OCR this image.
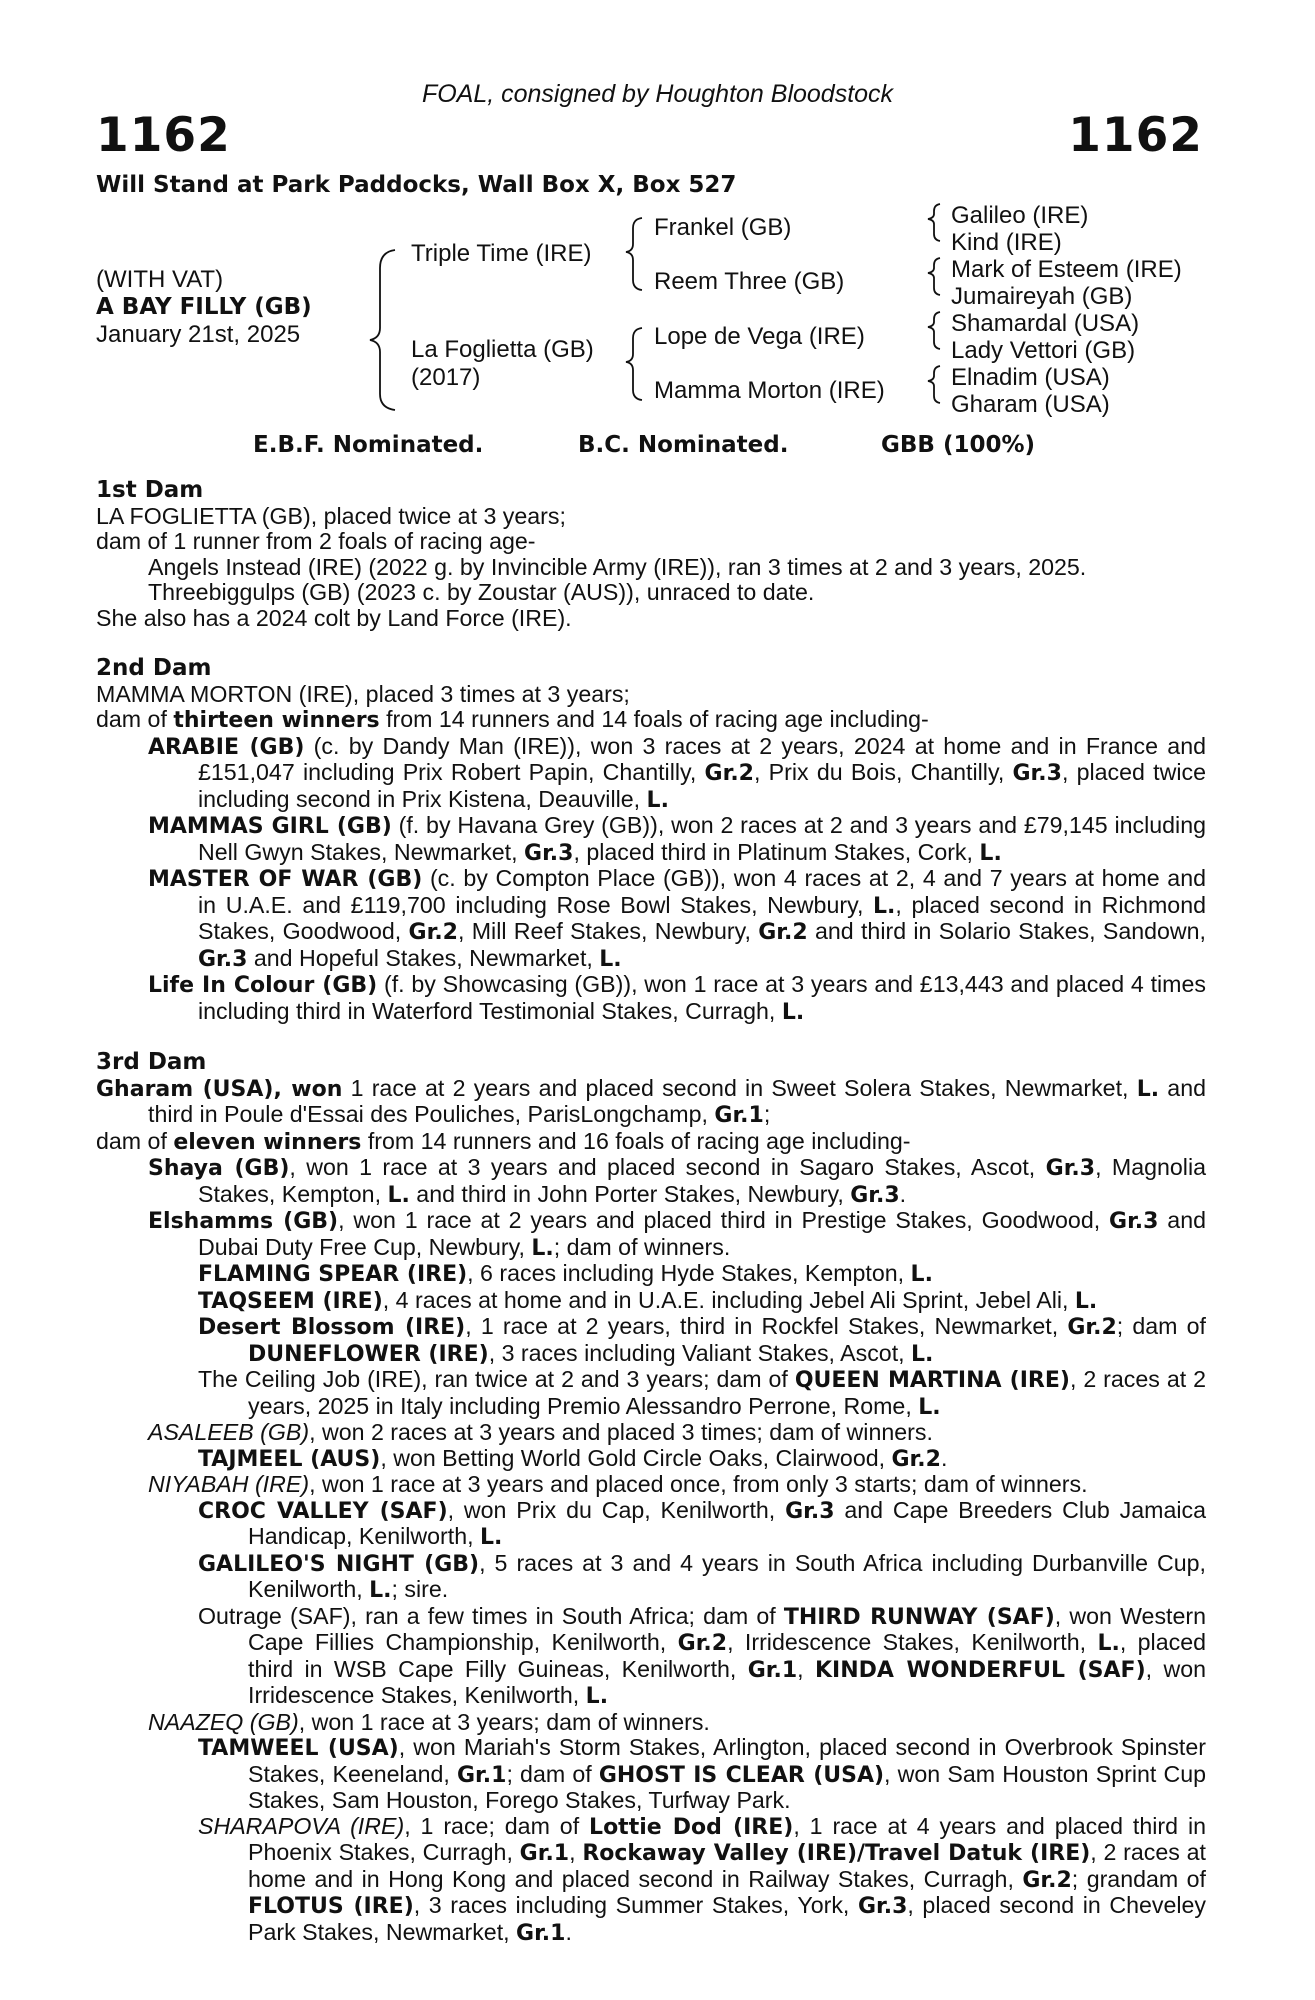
FOAL, consigned by Houghton Bloodstock
1162	1162
Will Stand at Park Paddocks, Wall Box X, Box 527
(WITH VAT)
A BAY FILLY (GB)
January 21st, 2025
Triple Time (IRE)
La Foglietta (GB)
(2017)
Frankel (GB)
Reem Three (GB)
Lope de Vega (IRE)
Mamma Morton (IRE)
Galileo (IRE)
Kind (IRE)
Mark of Esteem (IRE)
Jumaireyah (GB)
Shamardal (USA)
Lady Vettori (GB)
Elnadim (USA)
Gharam (USA)
E.B.F. Nominated.	B.C. Nominated.	GBB (100%)
1st Dam
LA FOGLIETTA (GB), placed twice at 3 years;
dam of 1 runner from 2 foals of racing age-
Angels Instead (IRE) (2022 g. by Invincible Army (IRE)), ran 3 times at 2 and 3 years, 2025.
Threebiggulps (GB) (2023 c. by Zoustar (AUS)), unraced to date.
She also has a 2024 colt by Land Force (IRE).
2nd Dam
MAMMA MORTON (IRE), placed 3 times at 3 years;
dam of thirteen winners from 14 runners and 14 foals of racing age including-
ARABIE (GB) (c. by Dandy Man (IRE)), won 3 races at 2 years, 2024 at home and in France and £151,047 including Prix Robert Papin, Chantilly, Gr.2, Prix du Bois, Chantilly, Gr.3, placed twice including second in Prix Kistena, Deauville, L.
MAMMAS GIRL (GB) (f. by Havana Grey (GB)), won 2 races at 2 and 3 years and £79,145 including Nell Gwyn Stakes, Newmarket, Gr.3, placed third in Platinum Stakes, Cork, L.
MASTER OF WAR (GB) (c. by Compton Place (GB)), won 4 races at 2, 4 and 7 years at home and in U.A.E. and £119,700 including Rose Bowl Stakes, Newbury, L., placed second in Richmond Stakes, Goodwood, Gr.2, Mill Reef Stakes, Newbury, Gr.2 and third in Solario Stakes, Sandown, Gr.3 and Hopeful Stakes, Newmarket, L.
Life In Colour (GB) (f. by Showcasing (GB)), won 1 race at 3 years and £13,443 and placed 4 times including third in Waterford Testimonial Stakes, Curragh, L.
3rd Dam
Gharam (USA), won 1 race at 2 years and placed second in Sweet Solera Stakes, Newmarket, L. and third in Poule d'Essai des Pouliches, ParisLongchamp, Gr.1;
dam of eleven winners from 14 runners and 16 foals of racing age including-
Shaya (GB), won 1 race at 3 years and placed second in Sagaro Stakes, Ascot, Gr.3, Magnolia Stakes, Kempton, L. and third in John Porter Stakes, Newbury, Gr.3.
Elshamms (GB), won 1 race at 2 years and placed third in Prestige Stakes, Goodwood, Gr.3 and Dubai Duty Free Cup, Newbury, L.; dam of winners.
FLAMING SPEAR (IRE), 6 races including Hyde Stakes, Kempton, L.
TAQSEEM (IRE), 4 races at home and in U.A.E. including Jebel Ali Sprint, Jebel Ali, L.
Desert Blossom (IRE), 1 race at 2 years, third in Rockfel Stakes, Newmarket, Gr.2; dam of DUNEFLOWER (IRE), 3 races including Valiant Stakes, Ascot, L.
The Ceiling Job (IRE), ran twice at 2 and 3 years; dam of QUEEN MARTINA (IRE), 2 races at 2 years, 2025 in Italy including Premio Alessandro Perrone, Rome, L.
ASALEEB (GB), won 2 races at 3 years and placed 3 times; dam of winners.
TAJMEEL (AUS), won Betting World Gold Circle Oaks, Clairwood, Gr.2.
NIYABAH (IRE), won 1 race at 3 years and placed once, from only 3 starts; dam of winners.
CROC VALLEY (SAF), won Prix du Cap, Kenilworth, Gr.3 and Cape Breeders Club Jamaica Handicap, Kenilworth, L.
GALILEO'S NIGHT (GB), 5 races at 3 and 4 years in South Africa including Durbanville Cup, Kenilworth, L.; sire.
Outrage (SAF), ran a few times in South Africa; dam of THIRD RUNWAY (SAF), won Western Cape Fillies Championship, Kenilworth, Gr.2, Irridescence Stakes, Kenilworth, L., placed third in WSB Cape Filly Guineas, Kenilworth, Gr.1, KINDA WONDERFUL (SAF), won Irridescence Stakes, Kenilworth, L.
NAAZEQ (GB), won 1 race at 3 years; dam of winners.
TAMWEEL (USA), won Mariah's Storm Stakes, Arlington, placed second in Overbrook Spinster Stakes, Keeneland, Gr.1; dam of GHOST IS CLEAR (USA), won Sam Houston Sprint Cup Stakes, Sam Houston, Forego Stakes, Turfway Park.
SHARAPOVA (IRE), 1 race; dam of Lottie Dod (IRE), 1 race at 4 years and placed third in Phoenix Stakes, Curragh, Gr.1, Rockaway Valley (IRE)/Travel Datuk (IRE), 2 races at home and in Hong Kong and placed second in Railway Stakes, Curragh, Gr.2; grandam of FLOTUS (IRE), 3 races including Summer Stakes, York, Gr.3, placed second in Cheveley Park Stakes, Newmarket, Gr.1.
